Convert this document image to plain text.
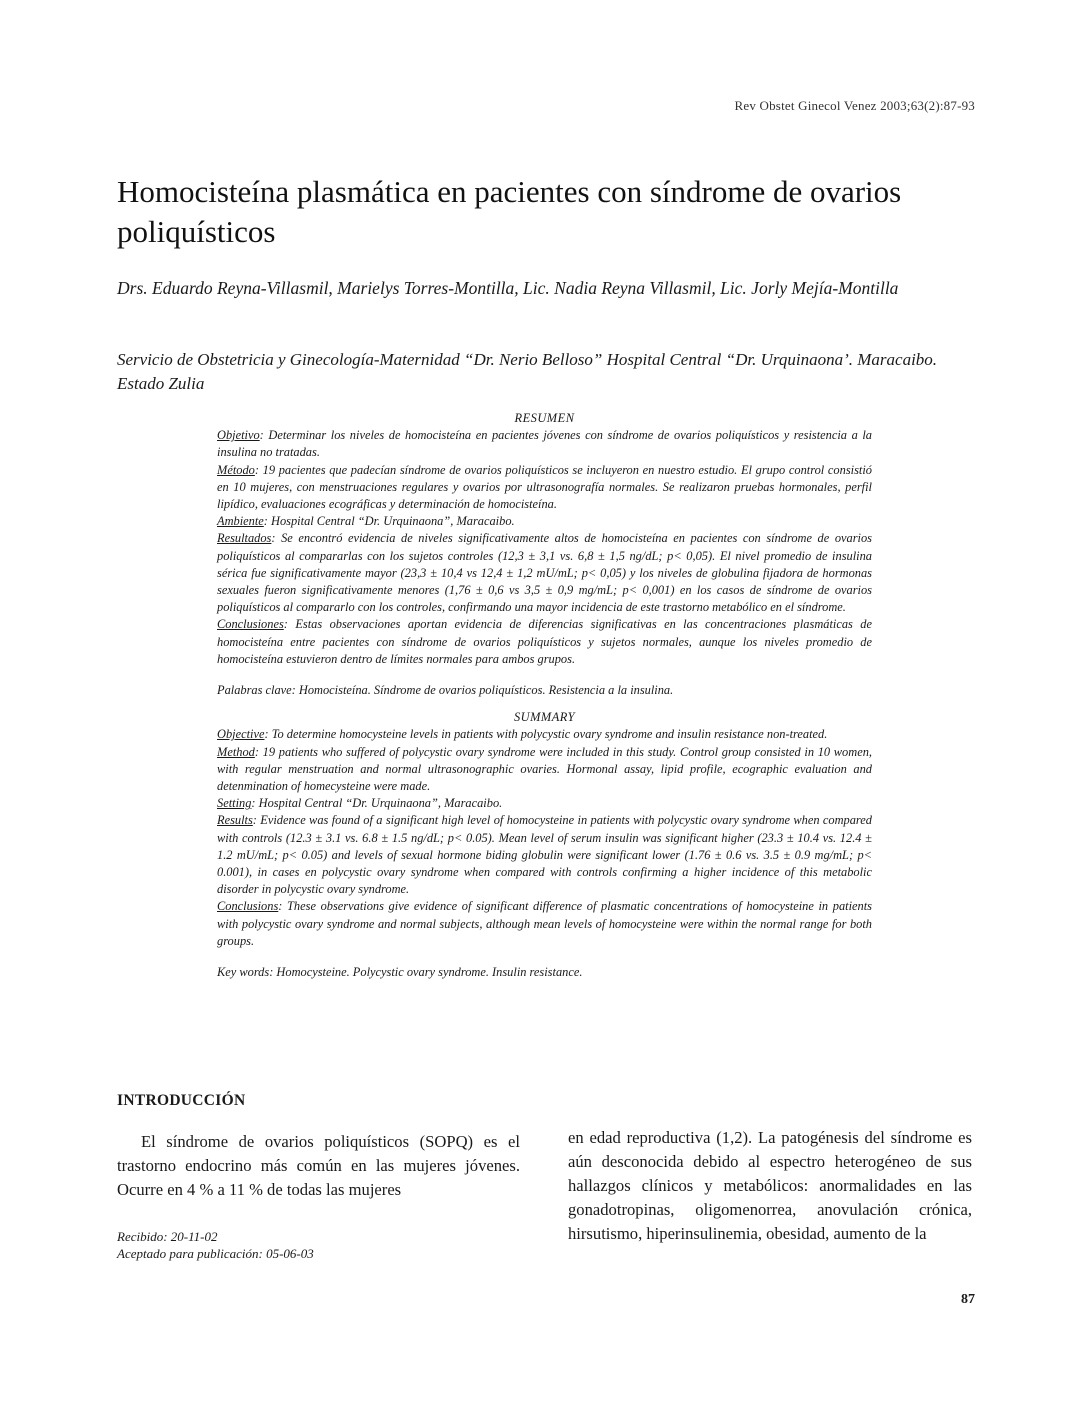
Rev Obstet Ginecol Venez 2003;63(2):87-93
Homocisteína plasmática en pacientes con síndrome de ovarios poliquísticos
Drs. Eduardo Reyna-Villasmil, Marielys Torres-Montilla, Lic. Nadia Reyna Villasmil, Lic. Jorly Mejía-Montilla
Servicio de Obstetricia y Ginecología-Maternidad “Dr. Nerio Belloso” Hospital Central “Dr. Urquinaona’. Maracaibo. Estado Zulia
RESUMEN

Objetivo: Determinar los niveles de homocisteína en pacientes jóvenes con síndrome de ovarios poliquísticos y resistencia a la insulina no tratadas.

Método: 19 pacientes que padecían síndrome de ovarios poliquísticos se incluyeron en nuestro estudio. El grupo control consistió en 10 mujeres, con menstruaciones regulares y ovarios por ultrasonografía normales. Se realizaron pruebas hormonales, perfil lipídico, evaluaciones ecográficas y determinación de homocisteína.

Ambiente: Hospital Central “Dr. Urquinaona”, Maracaibo.

Resultados: Se encontró evidencia de niveles significativamente altos de homocisteína en pacientes con síndrome de ovarios poliquísticos al compararlas con los sujetos controles (12,3 ± 3,1 vs. 6,8 ± 1,5 ng/dL; p< 0,05). El nivel promedio de insulina sérica fue significativamente mayor (23,3 ± 10,4 vs 12,4 ± 1,2 mU/mL; p< 0,05) y los niveles de globulina fijadora de hormonas sexuales fueron significativamente menores (1,76 ± 0,6 vs 3,5 ± 0,9 mg/mL; p< 0,001) en los casos de síndrome de ovarios poliquísticos al compararlo con los controles, confirmando una mayor incidencia de este trastorno metabólico en el síndrome.

Conclusiones: Estas observaciones aportan evidencia de diferencias significativas en las concentraciones plasmáticas de homocisteína entre pacientes con síndrome de ovarios poliquísticos y sujetos normales, aunque los niveles promedio de homocisteína estuvieron dentro de límites normales para ambos grupos.

Palabras clave: Homocisteína. Síndrome de ovarios poliquísticos. Resistencia a la insulina.

SUMMARY

Objective: To determine homocysteine levels in patients with polycystic ovary syndrome and insulin resistance non-treated.

Method: 19 patients who suffered of polycystic ovary syndrome were included in this study. Control group consisted in 10 women, with regular menstruation and normal ultrasonographic ovaries. Hormonal assay, lipid profile, ecographic evaluation and detenmination of homecysteine were made.

Setting: Hospital Central “Dr. Urquinaona”, Maracaibo.

Results: Evidence was found of a significant high level of homocysteine in patients with polycystic ovary syndrome when compared with controls (12.3 ± 3.1 vs. 6.8 ± 1.5 ng/dL; p< 0.05). Mean level of serum insulin was significant higher (23.3 ± 10.4 vs. 12.4 ± 1.2 mU/mL; p< 0.05) and levels of sexual hormone biding globulin were significant lower (1.76 ± 0.6 vs. 3.5 ± 0.9 mg/mL; p< 0.001), in cases en polycystic ovary syndrome when compared with controls confirming a higher incidence of this metabolic disorder in polycystic ovary syndrome.

Conclusions: These observations give evidence of significant difference of plasmatic concentrations of homocysteine in patients with polycystic ovary syndrome and normal subjects, although mean levels of homocysteine were within the normal range for both groups.

Key words: Homocysteine. Polycystic ovary syndrome. Insulin resistance.

INTRODUCCIÓN

El síndrome de ovarios poliquísticos (SOPQ) es el trastorno endocrino más común en las mujeres jóvenes. Ocurre en 4 % a 11 % de todas las mujeres

en edad reproductiva (1,2). La patogénesis del síndrome es aún desconocida debido al espectro heterogéneo de sus hallazgos clínicos y metabólicos: anormalidades en las gonadotropinas, oligomenorrea, anovulación crónica, hirsutismo, hiperinsulinemia, obesidad, aumento de la

Recibido: 20-11-02
Aceptado para publicación: 05-06-03
87
